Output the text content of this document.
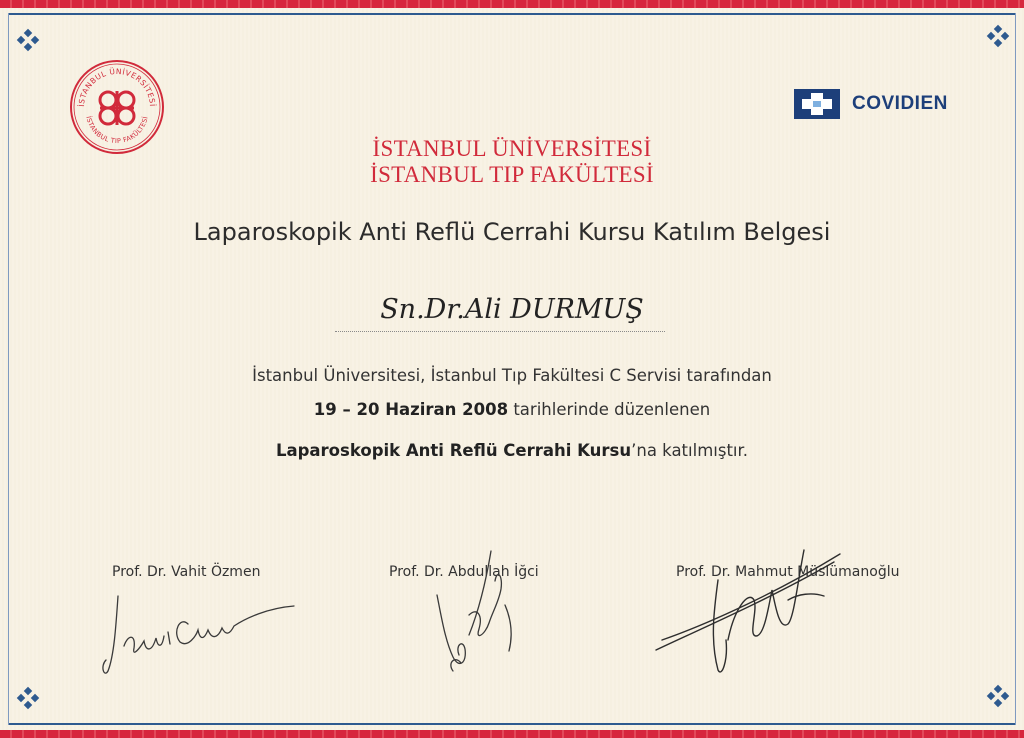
İSTANBUL ÜNİVERSİTESİ
İSTANBUL TIP FAKÜLTESİ
COVIDIEN
İSTANBUL ÜNİVERSİTESİ
İSTANBUL TIP FAKÜLTESİ
Laparoskopik Anti Reflü Cerrahi Kursu Katılım Belgesi
Sn.Dr.Ali DURMUŞ
İstanbul Üniversitesi, İstanbul Tıp Fakültesi C Servisi tarafından
19 – 20 Haziran 2008 tarihlerinde düzenlenen
Laparoskopik Anti Reflü Cerrahi Kursu’na katılmıştır.
Prof. Dr. Vahit Özmen	Prof. Dr. Abdullah İğci	Prof. Dr. Mahmut Müslümanoğlu
